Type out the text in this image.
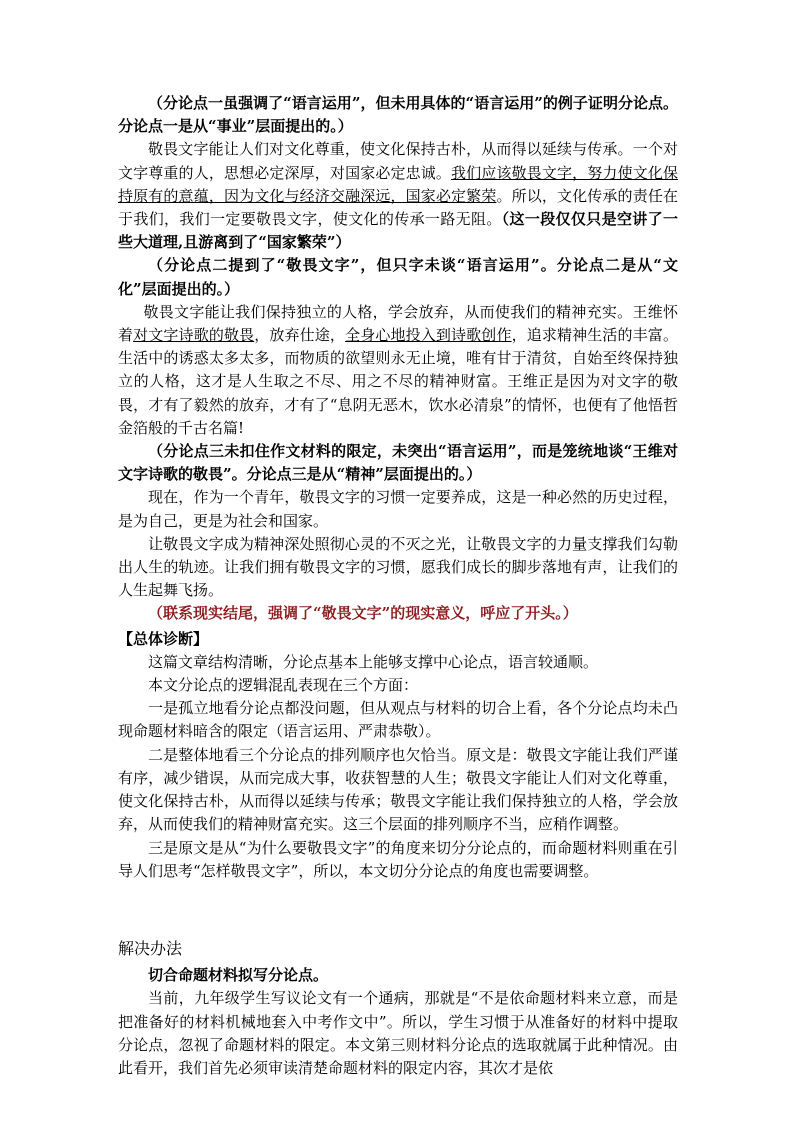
（分论点一虽强调了“语言运用”，但未用具体的“语言运用”的例子证明分论点。分论点一是从“事业”层面提出的。）

敬畏文字能让人们对文化尊重，使文化保持古朴，从而得以延续与传承。一个对文字尊重的人，思想必定深厚，对国家必定忠诚。我们应该敬畏文字，努力使文化保持原有的意蕴，因为文化与经济交融深远，国家必定繁荣。所以，文化传承的责任在于我们，我们一定要敬畏文字，使文化的传承一路无阻。（这一段仅仅只是空讲了一些大道理,且游离到了“国家繁荣”）

（分论点二提到了“敬畏文字”，但只字未谈“语言运用”。分论点二是从“文化”层面提出的。）

敬畏文字能让我们保持独立的人格，学会放弃，从而使我们的精神充实。王维怀着对文字诗歌的敬畏，放弃仕途，全身心地投入到诗歌创作，追求精神生活的丰富。生活中的诱惑太多太多，而物质的欲望则永无止境，唯有甘于清贫，自始至终保持独立的人格，这才是人生取之不尽、用之不尽的精神财富。王维正是因为对文字的敬畏，才有了毅然的放弃，才有了“息阴无恶木，饮水必清泉”的情怀，也便有了他悟哲金箔般的千古名篇!

（分论点三未扣住作文材料的限定，未突出“语言运用”，而是笼统地谈“王维对文字诗歌的敬畏”。分论点三是从“精神”层面提出的。）

现在，作为一个青年，敬畏文字的习惯一定要养成，这是一种必然的历史过程，是为自己，更是为社会和国家。

让敬畏文字成为精神深处照彻心灵的不灭之光，让敬畏文字的力量支撑我们勾勒出人生的轨迹。让我们拥有敬畏文字的习惯，愿我们成长的脚步落地有声，让我们的人生起舞飞扬。

（联系现实结尾，强调了“敬畏文字”的现实意义，呼应了开头。）

【总体诊断】

这篇文章结构清晰，分论点基本上能够支撑中心论点，语言较通顺。

本文分论点的逻辑混乱表现在三个方面：

一是孤立地看分论点都没问题，但从观点与材料的切合上看，各个分论点均未凸现命题材料暗含的限定（语言运用、严肃恭敬）。

二是整体地看三个分论点的排列顺序也欠恰当。原文是：敬畏文字能让我们严谨有序，减少错误，从而完成大事，收获智慧的人生；敬畏文字能让人们对文化尊重，使文化保持古朴，从而得以延续与传承；敬畏文字能让我们保持独立的人格，学会放弃，从而使我们的精神财富充实。这三个层面的排列顺序不当，应稍作调整。

三是原文是从“为什么要敬畏文字”的角度来切分分论点的，而命题材料则重在引导人们思考“怎样敬畏文字”，所以，本文切分分论点的角度也需要调整。

解决办法

切合命题材料拟写分论点。

当前，九年级学生写议论文有一个通病，那就是“不是依命题材料来立意，而是把准备好的材料机械地套入中考作文中”。所以，学生习惯于从准备好的材料中提取分论点，忽视了命题材料的限定。本文第三则材料分论点的选取就属于此种情况。由此看开，我们首先必须审读清楚命题材料的限定内容，其次才是依
